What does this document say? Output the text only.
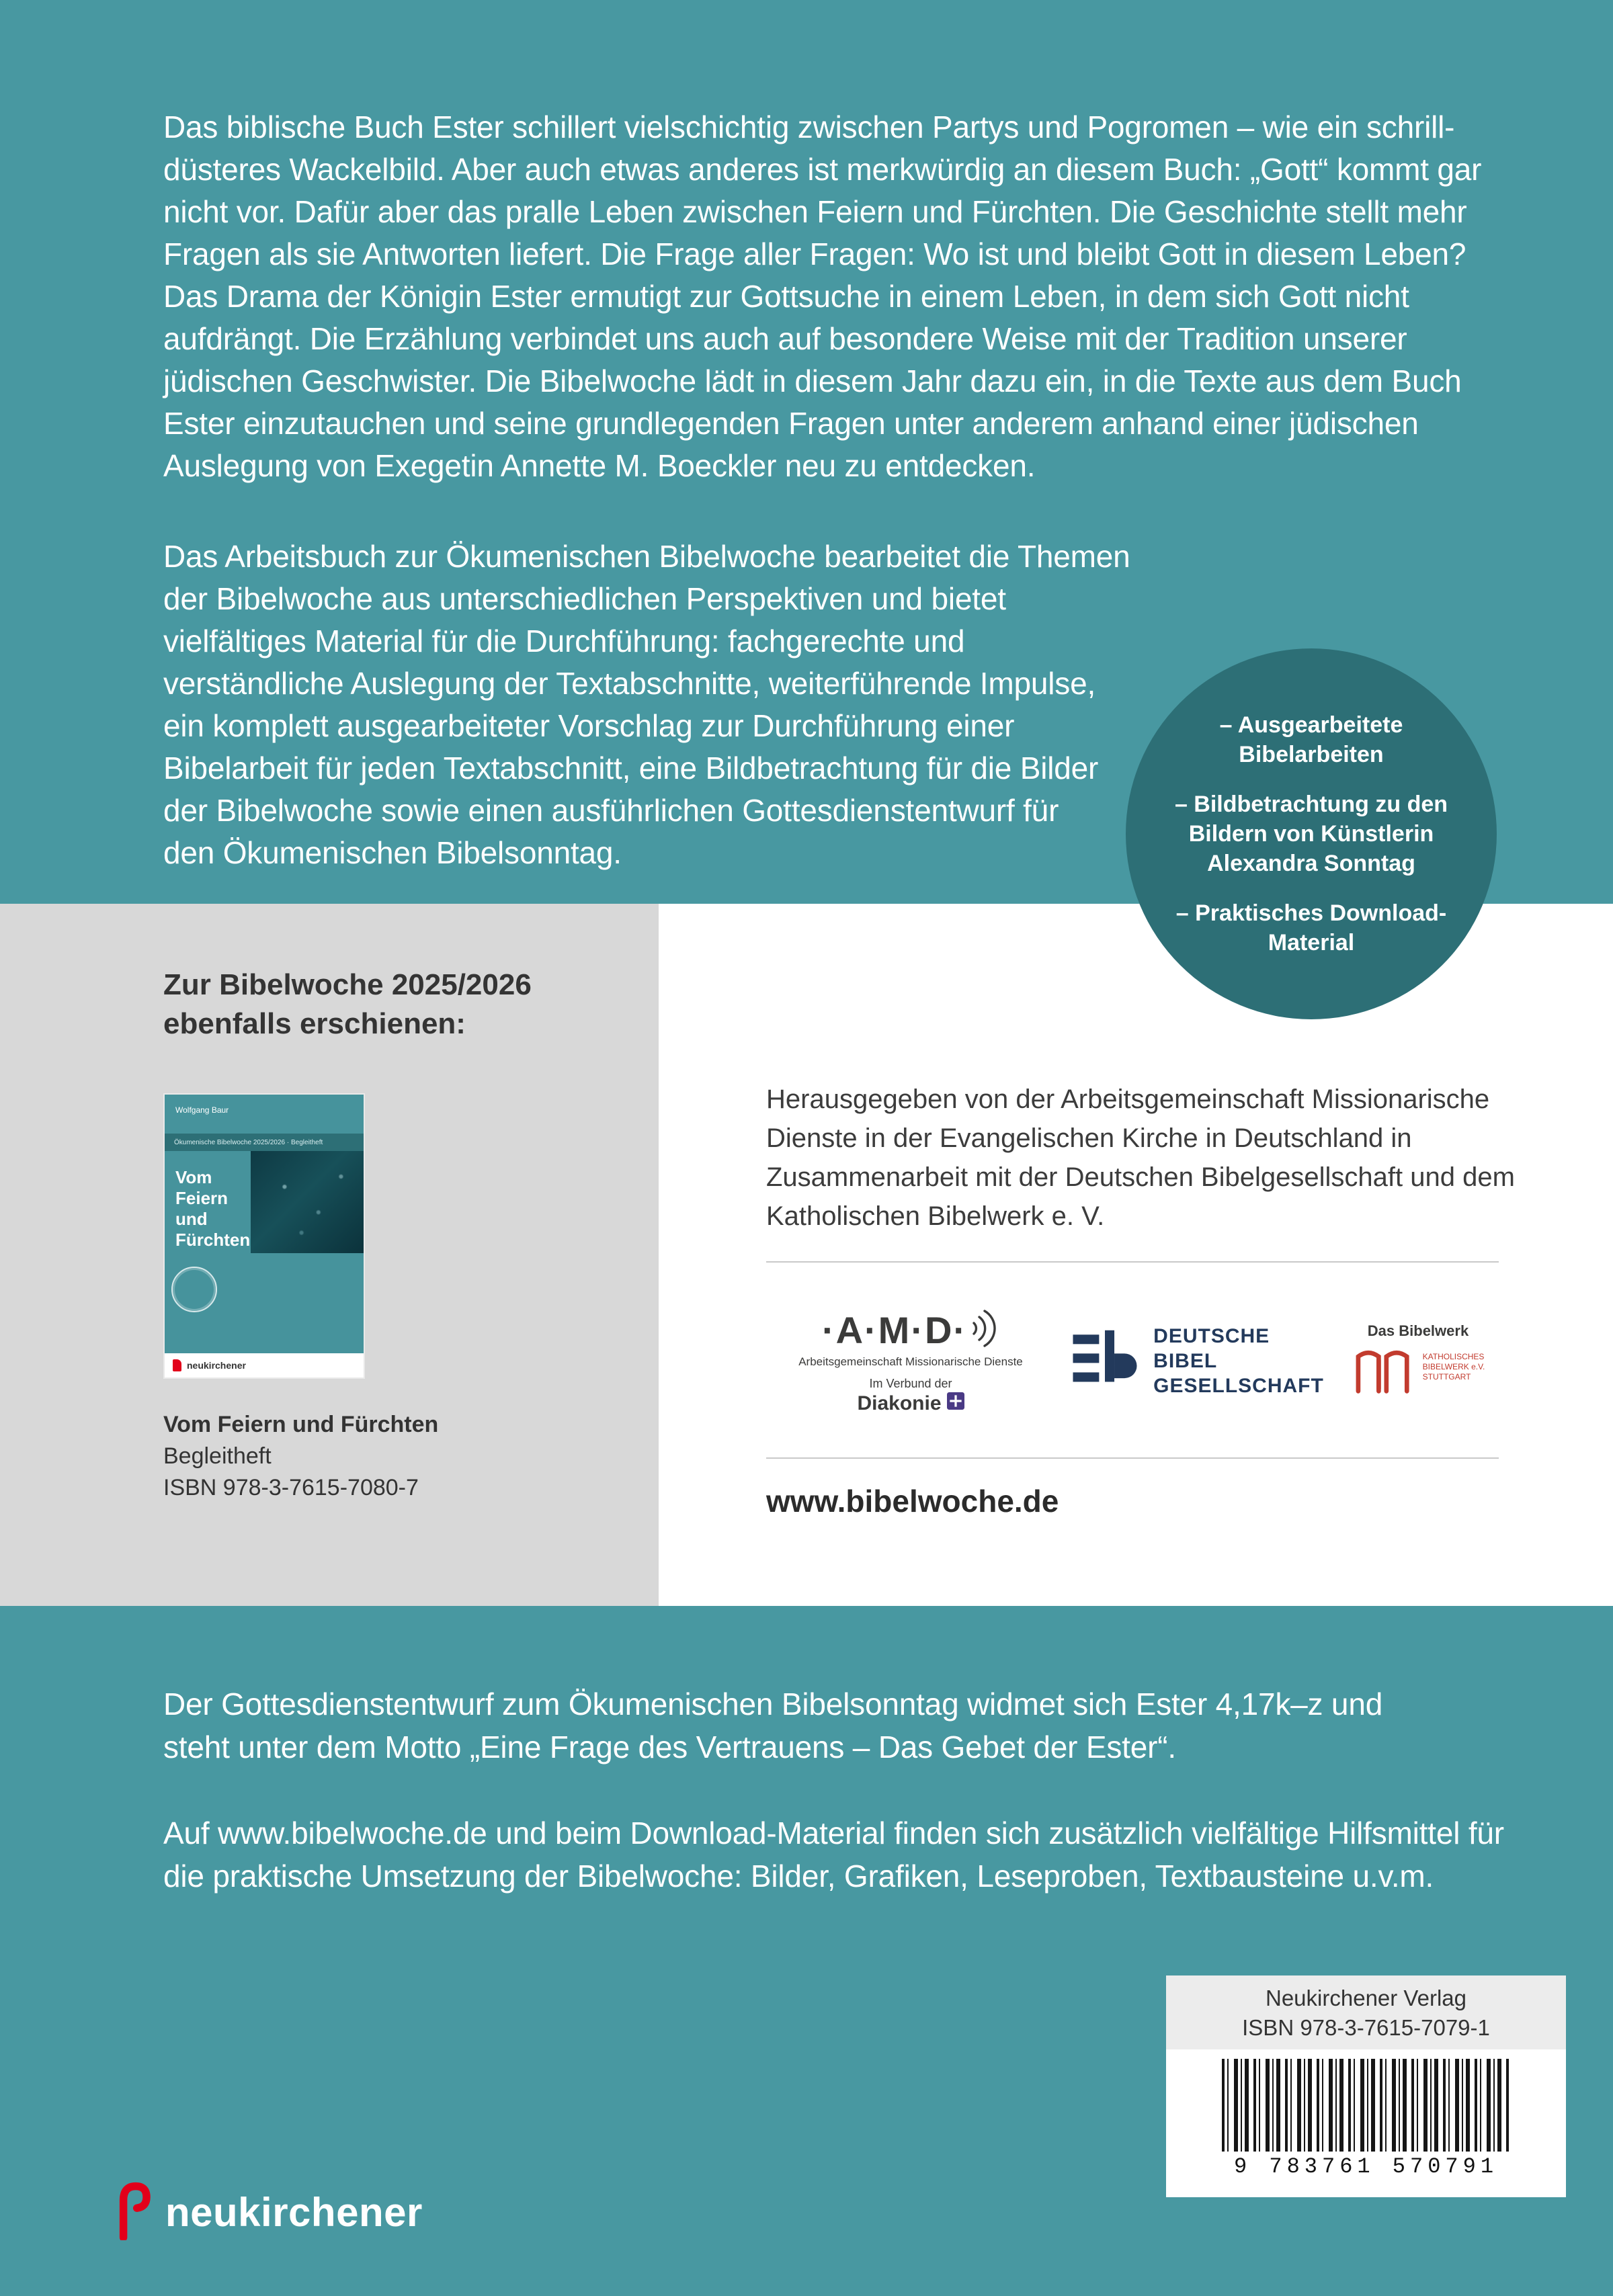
Zur Bibelwoche 2025/2026 ebenfalls erschienen:
Wolfgang Baur
Ökumenische Bibelwoche 2025/2026 · Begleitheft
Vom Feiern und Fürchten
neukirchener
Vom Feiern und Fürchten
Begleitheft
ISBN 978-3-7615-7080-7
Herausgegeben von der Arbeitsgemeinschaft Missionarische Dienste in der Evangelischen Kirche in Deutschland in Zusammenarbeit mit der Deutschen Bibelgesellschaft und dem Katholischen Bibelwerk e. V.
·A·M·D·
Arbeitsgemeinschaft Missionarische Dienste
Im Verbund der
Diakonie
DEUTSCHE
BIBEL
GESELLSCHAFT
Das Bibelwerk
KATHOLISCHES
BIBELWERK e.V.
STUTTGART
www.bibelwoche.de

Das biblische Buch Ester schillert vielschichtig zwischen Partys und Pogromen – wie ein schrill-düsteres Wackelbild. Aber auch etwas anderes ist merkwürdig an diesem Buch: „Gott“ kommt gar nicht vor. Dafür aber das pralle Leben zwischen Feiern und Fürchten. Die Geschichte stellt mehr Fragen als sie Antworten liefert. Die Frage aller Fragen: Wo ist und bleibt Gott in diesem Leben? Das Drama der Königin Ester ermutigt zur Gottsuche in einem Leben, in dem sich Gott nicht aufdrängt. Die Erzählung verbindet uns auch auf besondere Weise mit der Tradition unserer jüdischen Geschwister. Die Bibelwoche lädt in diesem Jahr dazu ein, in die Texte aus dem Buch Ester einzutauchen und seine grundlegenden Fragen unter anderem anhand einer jüdischen Auslegung von Exegetin Annette M. Boeckler neu zu entdecken.

Das Arbeitsbuch zur Ökumenischen Bibelwoche bearbeitet die Themen der Bibelwoche aus unterschiedlichen Perspektiven und bietet vielfältiges Material für die Durchführung: fachgerechte und verständliche Auslegung der Textabschnitte, weiterführende Impulse, ein komplett ausgearbeiteter Vorschlag zur Durchführung einer Bibelarbeit für jeden Textabschnitt, eine Bildbetrachtung für die Bilder der Bibelwoche sowie einen ausführlichen Gottesdienstentwurf für den Ökumenischen Bibelsonntag.

– Ausgearbeitete Bibelarbeiten
– Bildbetrachtung zu den Bildern von Künstlerin Alexandra Sonntag
– Praktisches Download-Material

Der Gottesdienstentwurf zum Ökumenischen Bibelsonntag widmet sich Ester 4,17k–z und steht unter dem Motto „Eine Frage des Vertrauens – Das Gebet der Ester“.

Auf www.bibelwoche.de und beim Download-Material finden sich zusätzlich vielfältige Hilfsmittel für die praktische Umsetzung der Bibelwoche: Bilder, Grafiken, Leseproben, Textbausteine u.v.m.

neukirchener
Neukirchener Verlag
ISBN 978-3-7615-7079-1
9 783761 570791
